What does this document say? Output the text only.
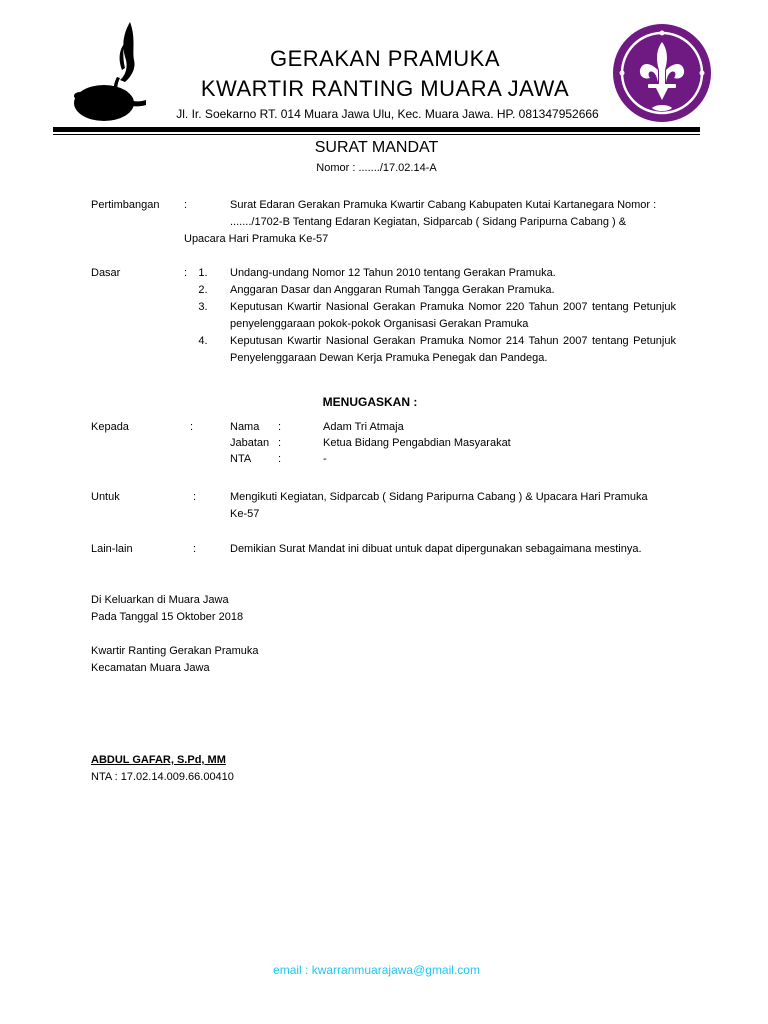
GERAKAN PRAMUKA
KWARTIR RANTING MUARA JAWA
Jl. Ir. Soekarno RT. 014 Muara Jawa Ulu, Kec. Muara Jawa. HP. 081347952666
SURAT MANDAT
Nomor : ......./17.02.14-A
Pertimbangan :	Surat Edaran Gerakan Pramuka Kwartir Cabang Kabupaten Kutai Kartanegara Nomor :
......./1702-B Tentang Edaran Kegiatan, Sidparcab ( Sidang Paripurna Cabang ) &
Upacara Hari Pramuka Ke-57
Dasar	:	1.	Undang-undang Nomor 12 Tahun 2010 tentang Gerakan Pramuka.
2.	Anggaran Dasar dan Anggaran Rumah Tangga Gerakan Pramuka.
3.	Keputusan Kwartir Nasional Gerakan Pramuka Nomor 220 Tahun 2007 tentang Petunjuk penyelenggaraan pokok-pokok Organisasi Gerakan Pramuka
4.	Keputusan Kwartir Nasional Gerakan Pramuka Nomor 214 Tahun 2007 tentang Petunjuk Penyelenggaraan Dewan Kerja Pramuka Penegak dan Pandega.
MENUGASKAN :
Kepada	:	Nama :	Adam Tri Atmaja
Jabatan :	Ketua Bidang Pengabdian Masyarakat
NTA :	-
Untuk	:	Mengikuti Kegiatan, Sidparcab ( Sidang Paripurna Cabang ) & Upacara Hari Pramuka
Ke-57
Lain-lain	:	Demikian Surat Mandat ini dibuat untuk dapat dipergunakan sebagaimana mestinya.
Di Keluarkan di Muara Jawa
Pada Tanggal 15 Oktober 2018
Kwartir Ranting Gerakan Pramuka
Kecamatan Muara Jawa
ABDUL GAFAR, S.Pd, MM
NTA : 17.02.14.009.66.00410
email : kwarranmuarajawa@gmail.com
